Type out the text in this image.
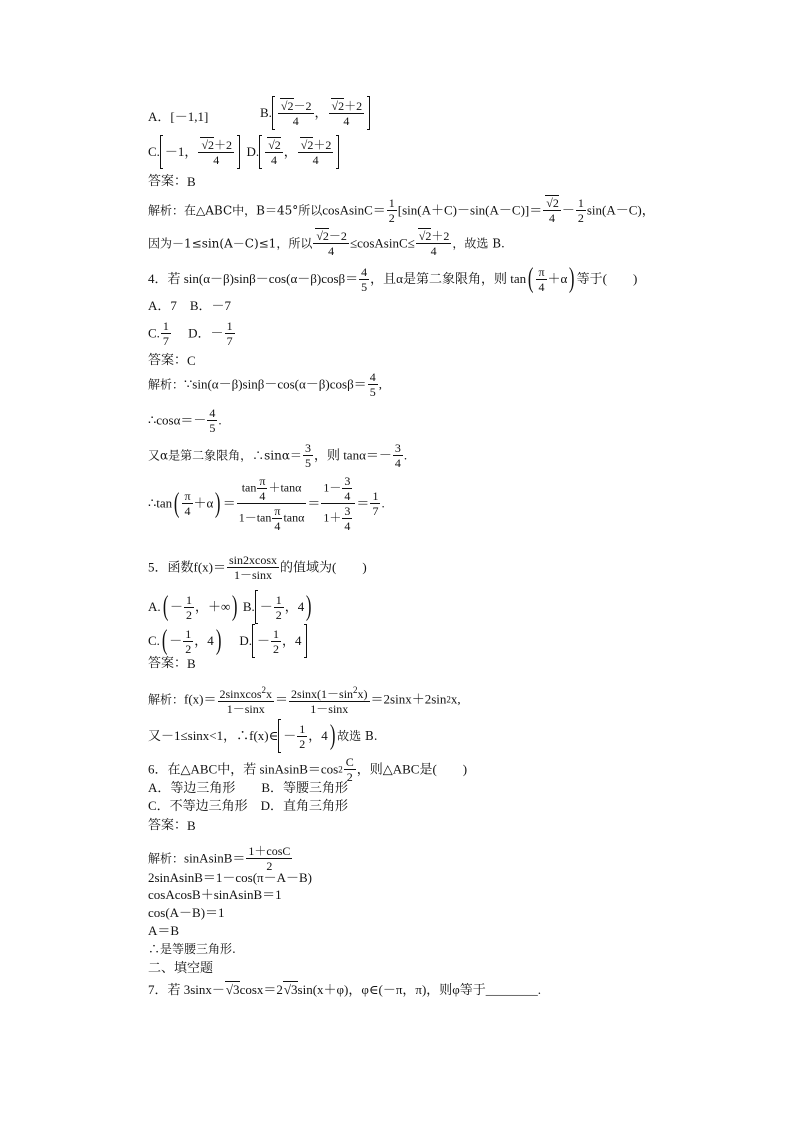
A．[－1,1]	B. $\frac{√2-2}{4}$ ， $\frac{√2+2}{4}$
C. －1， $\frac{√2+2}{4} D$. $\frac{√2}{4}$ ， $\frac{√2+2}{4}$
答案：B
解析：在△ABC中，B＝45°所以cosAsinC＝ $\frac{1}{2} [\sin(A+C)-\sin(A-C)]= \frac{√2}{4} - \frac{1}{2} \sin(A-C)$，
因为－1≤sin(A－C)≤1，所以 $\frac{√2-2}{4}$ ≤cosAsinC≤ $\frac{√2+2}{4}$ ，故选 B.
4．若 $\sin(\alpha-\beta)\sin\beta-\cos(\alpha-\beta)\cos\beta= \frac{4}{5}$ ，且α是第二象限角，则 $\tan( \frac{\pi}{4} +\alpha)$ 等于(　　)
A．7　B．－7
C. $\frac{1}{7}$ D．－ $\frac{1}{7}$
答案：C
解析：∵sin(α－β)sinβ－cos(α－β)cosβ＝ $\frac{4}{5}$ ,
∴cosα＝－ $\frac{4}{5}$ .
又α是第二象限角，∴sinα＝ $\frac{3}{5}$ ，则 $\tan\alpha=- \frac{3}{4}$ .
∴tan( $\frac{\pi}{4} +\alpha) = \frac{\tan \frac{\pi}{4} +\tan\alpha}{1-\tan \frac{\pi}{4} \tan\alpha} = \frac{1- \frac{3}{4}}{1+ \frac{3}{4}} = \frac{1}{7}$ .
5．函数$f(x)= \frac{\sin 2xcosx}{1-\sin x}$ 的值域为(　　)
$A.( - \frac{1}{2}$ ，＋∞) B. － $\frac{1}{2}$ ，4)
$C.( - \frac{1}{2}$ ，4) D. － $\frac{1}{2}$ ，4
答案：B
解析：$f(x)= \frac{2sinxcos^2x}{1-\sin x} = \frac{2\sin x(1-\sin^2x)}{1-\sin x} =2\sin x+2\sin 2x$,
又－1≤sinx<1，∴f(x)∈ － $\frac{1}{2}$ ，4) 故选 B.
6．在△ABC中，若 sinAsinB＝cos2 $\frac{C}{2}$ ，则△ABC是(　　)
A．等边三角形　　B．等腰三角形
C．不等边三角形　D．直角三角形
答案：B
解析：sinAsinB＝ $\frac{1+\cos C}{2}$
2sinAsinB＝1－cos(π－A－B)
cosAcosB＋sinAsinB＝1
cos(A－B)＝1
A＝B
∴是等腰三角形.
二、填空题
7．若 3sinx－√3cosx＝2√3sin(x＋φ)，φ∈(－π，π)，则φ等于________.
